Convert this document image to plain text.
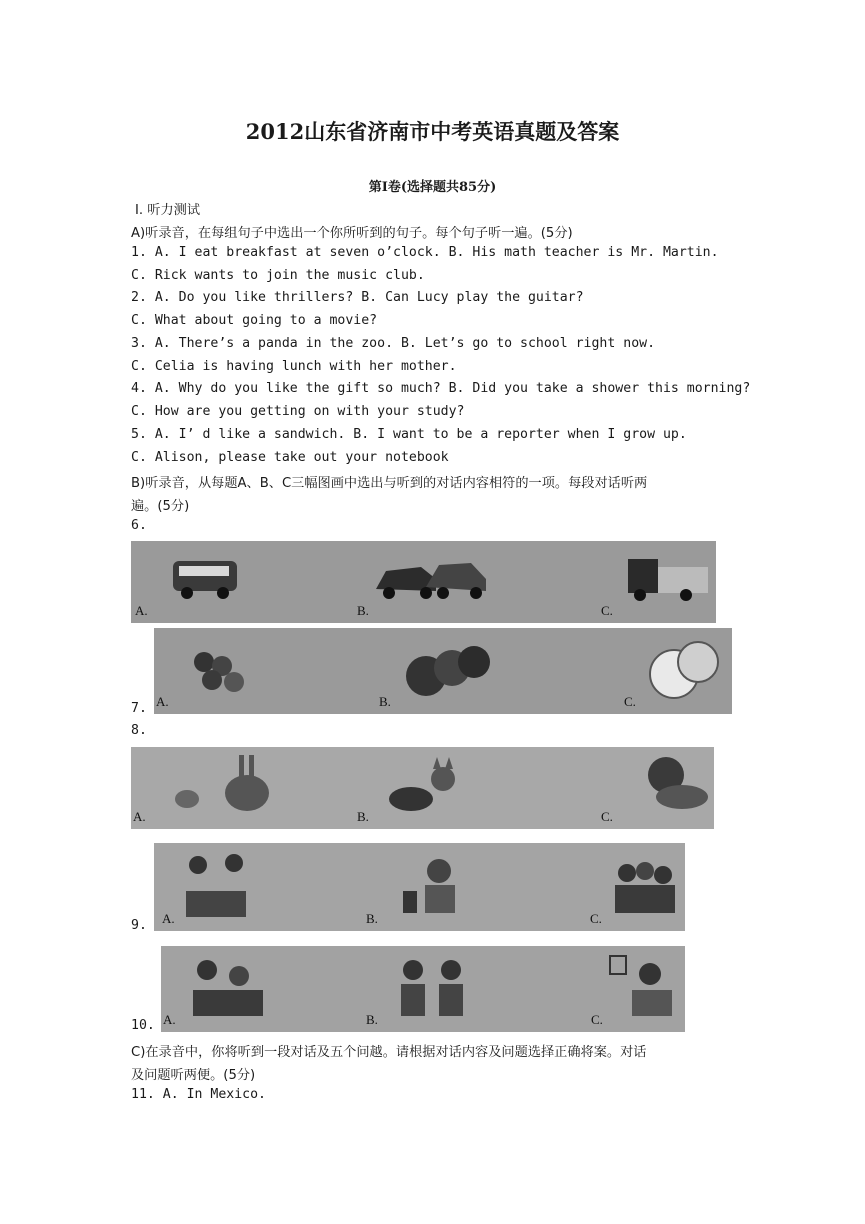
2012山东省济南市中考英语真题及答案
第Ⅰ卷(选择题共85分)
Ⅰ. 听力测试
A)听录音，在每组句子中选出一个你所听到的句子。每个句子听一遍。(5分)
1. A. I eat breakfast at seven o’clock. B. His math teacher is Mr. Martin.
C. Rick wants to join the music club.
2. A. Do you like thrillers? B. Can Lucy play the guitar?
C. What about going to a movie?
3. A. There’s a panda in the zoo. B. Let’s go to school right now.
C. Celia is having lunch with her mother.
4. A. Why do you like the gift so much? B. Did you take a shower this morning?
C. How are you getting on with your study?
5. A. I’ d like a sandwich. B. I want to be a reporter when I grow up.
C. Alison, please take out your notebook
B)听录音，从每题A、B、C三幅图画中选出与听到的对话内容相符的一项。每段对话听两
遍。(5分)
6.
A.	B.	C.
7. A.	B.	C.
8.
A.	B.	C.
9. A.	B.	C.
10. A.	B.	C.
C)在录音中，你将听到一段对话及五个问越。请根据对话内容及问题选择正确将案。对话
及问题听两便。(5分)
11. A. In Mexico.
